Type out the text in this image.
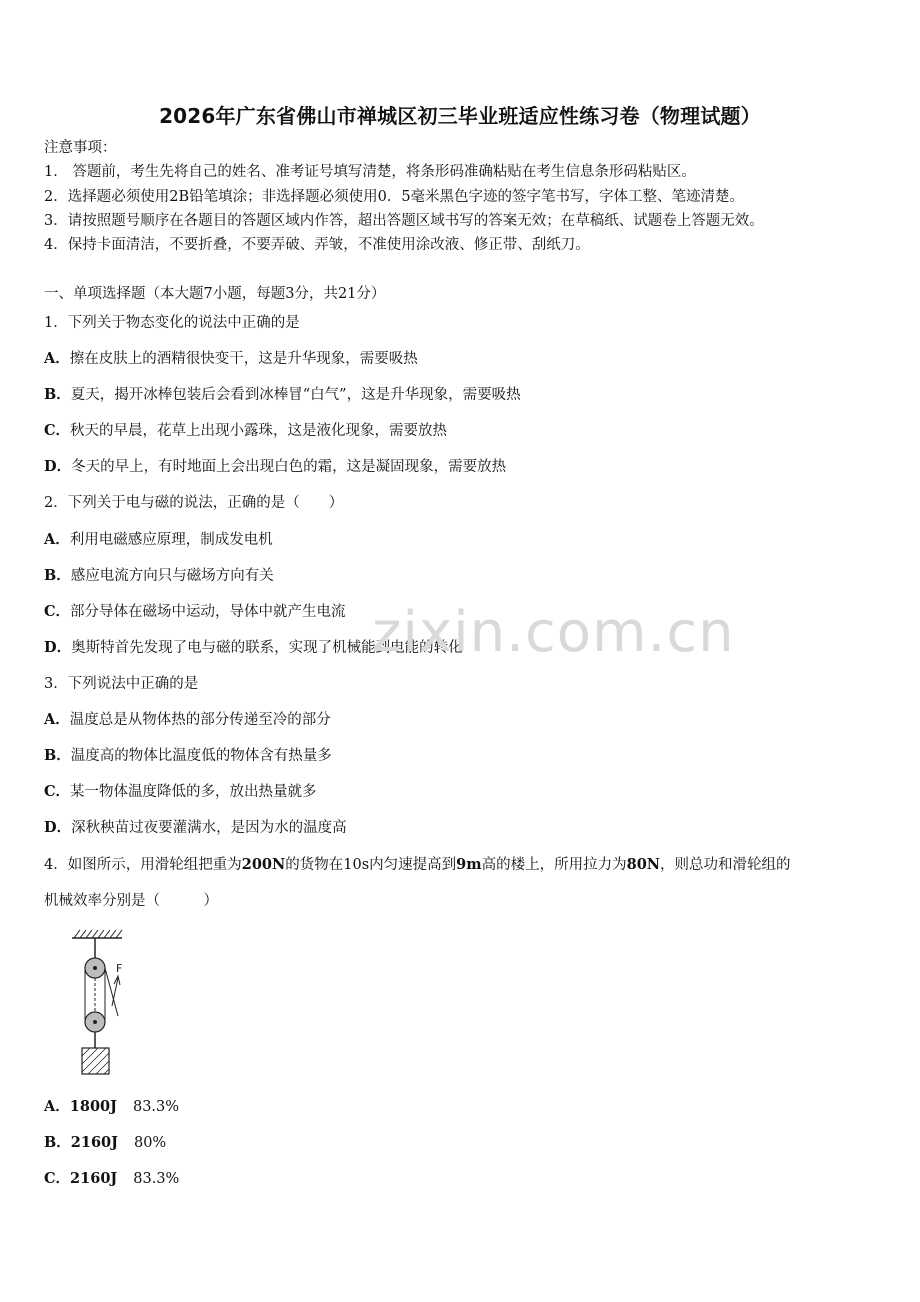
2026年广东省佛山市禅城区初三毕业班适应性练习卷（物理试题）
注意事项：
1． 答题前，考生先将自己的姓名、准考证号填写清楚，将条形码准确粘贴在考生信息条形码粘贴区。
2．选择题必须使用2B铅笔填涂；非选择题必须使用0．5毫米黑色字迹的签字笔书写，字体工整、笔迹清楚。
3．请按照题号顺序在各题目的答题区域内作答，超出答题区域书写的答案无效；在草稿纸、试题卷上答题无效。
4．保持卡面清洁，不要折叠，不要弄破、弄皱，不准使用涂改液、修正带、刮纸刀。
一、单项选择题（本大题7小题，每题3分，共21分）
1．下列关于物态变化的说法中正确的是
A．擦在皮肤上的酒精很快变干，这是升华现象，需要吸热
B．夏天，揭开冰棒包装后会看到冰棒冒“白气”，这是升华现象，需要吸热
C．秋天的早晨，花草上出现小露珠，这是液化现象，需要放热
D．冬天的早上，有时地面上会出现白色的霜，这是凝固现象，需要放热
2．下列关于电与磁的说法，正确的是（　　）
A．利用电磁感应原理，制成发电机
B．感应电流方向只与磁场方向有关
C．部分导体在磁场中运动，导体中就产生电流
D．奥斯特首先发现了电与磁的联系，实现了机械能到电能的转化
3．下列说法中正确的是
A．温度总是从物体热的部分传递至冷的部分
B．温度高的物体比温度低的物体含有热量多
C．某一物体温度降低的多，放出热量就多
D．深秋秧苗过夜要灌满水，是因为水的温度高
4．如图所示，用滑轮组把重为200N的货物在10s内匀速提高到9m高的楼上，所用拉力为80N，则总功和滑轮组的
机械效率分别是（　　　）
F
A．1800J 83.3%
B．2160J 80%
C．2160J 83.3%
zixin.com.cn
